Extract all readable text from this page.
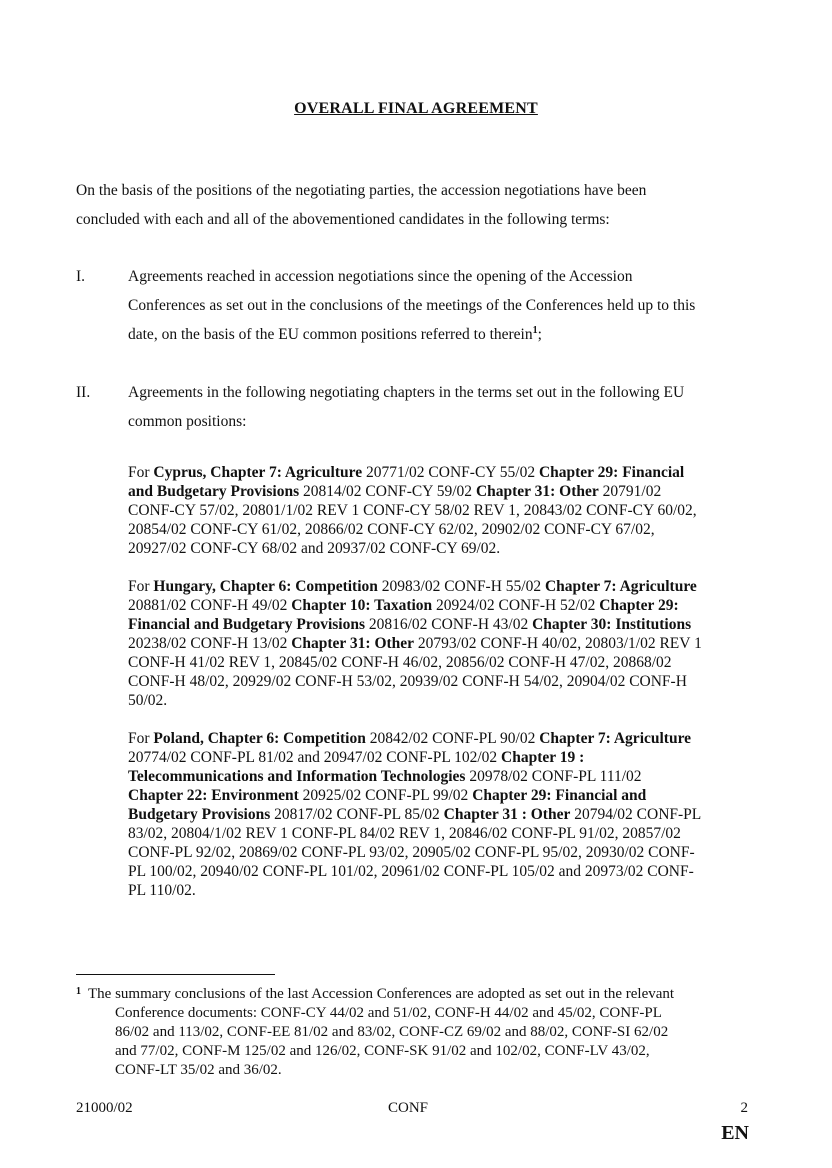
OVERALL FINAL AGREEMENT
On the basis of the positions of the negotiating parties, the accession negotiations have been
concluded with each and all of the abovementioned candidates in the following terms:
I.	Agreements reached in accession negotiations since the opening of the Accession
Conferences as set out in the conclusions of the meetings of the Conferences held up to this
date, on the basis of the EU common positions referred to therein$^1$;
II. Agreements in the following negotiating chapters in the terms set out in the following EU
common positions:
For Cyprus, Chapter 7: Agriculture 20771/02 CONF-CY 55/02 Chapter 29: Financial
and Budgetary Provisions 20814/02 CONF-CY 59/02 Chapter 31: Other 20791/02
CONF-CY 57/02, 20801/1/02 REV 1 CONF-CY 58/02 REV 1, 20843/02 CONF-CY 60/02,
20854/02 CONF-CY 61/02, 20866/02 CONF-CY 62/02, 20902/02 CONF-CY 67/02,
20927/02 CONF-CY 68/02 and 20937/02 CONF-CY 69/02.
For Hungary, Chapter 6: Competition 20983/02 CONF-H 55/02 Chapter 7: Agriculture
20881/02 CONF-H 49/02 Chapter 10: Taxation 20924/02 CONF-H 52/02 Chapter 29:
Financial and Budgetary Provisions 20816/02 CONF-H 43/02 Chapter 30: Institutions
20238/02 CONF-H 13/02 Chapter 31: Other 20793/02 CONF-H 40/02, 20803/1/02 REV 1
CONF-H 41/02 REV 1, 20845/02 CONF-H 46/02, 20856/02 CONF-H 47/02, 20868/02
CONF-H 48/02, 20929/02 CONF-H 53/02, 20939/02 CONF-H 54/02, 20904/02 CONF-H
50/02.
For Poland, Chapter 6: Competition 20842/02 CONF-PL 90/02 Chapter 7: Agriculture
20774/02 CONF-PL 81/02 and 20947/02 CONF-PL 102/02 Chapter 19 :
Telecommunications and Information Technologies 20978/02 CONF-PL 111/02
Chapter 22: Environment 20925/02 CONF-PL 99/02 Chapter 29: Financial and
Budgetary Provisions 20817/02 CONF-PL 85/02 Chapter 31 : Other 20794/02 CONF-PL
83/02, 20804/1/02 REV 1 CONF-PL 84/02 REV 1, 20846/02 CONF-PL 91/02, 20857/02
CONF-PL 92/02, 20869/02 CONF-PL 93/02, 20905/02 CONF-PL 95/02, 20930/02 CONF-
PL 100/02, 20940/02 CONF-PL 101/02, 20961/02 CONF-PL 105/02 and 20973/02 CONF-
PL 110/02.
1 The summary conclusions of the last Accession Conferences are adopted as set out in the relevant
Conference documents: CONF-CY 44/02 and 51/02, CONF-H 44/02 and 45/02, CONF-PL
86/02 and 113/02, CONF-EE 81/02 and 83/02, CONF-CZ 69/02 and 88/02, CONF-SI 62/02
and 77/02, CONF-M 125/02 and 126/02, CONF-SK 91/02 and 102/02, CONF-LV 43/02,
CONF-LT 35/02 and 36/02.
21000/02	CONF	2
EN
